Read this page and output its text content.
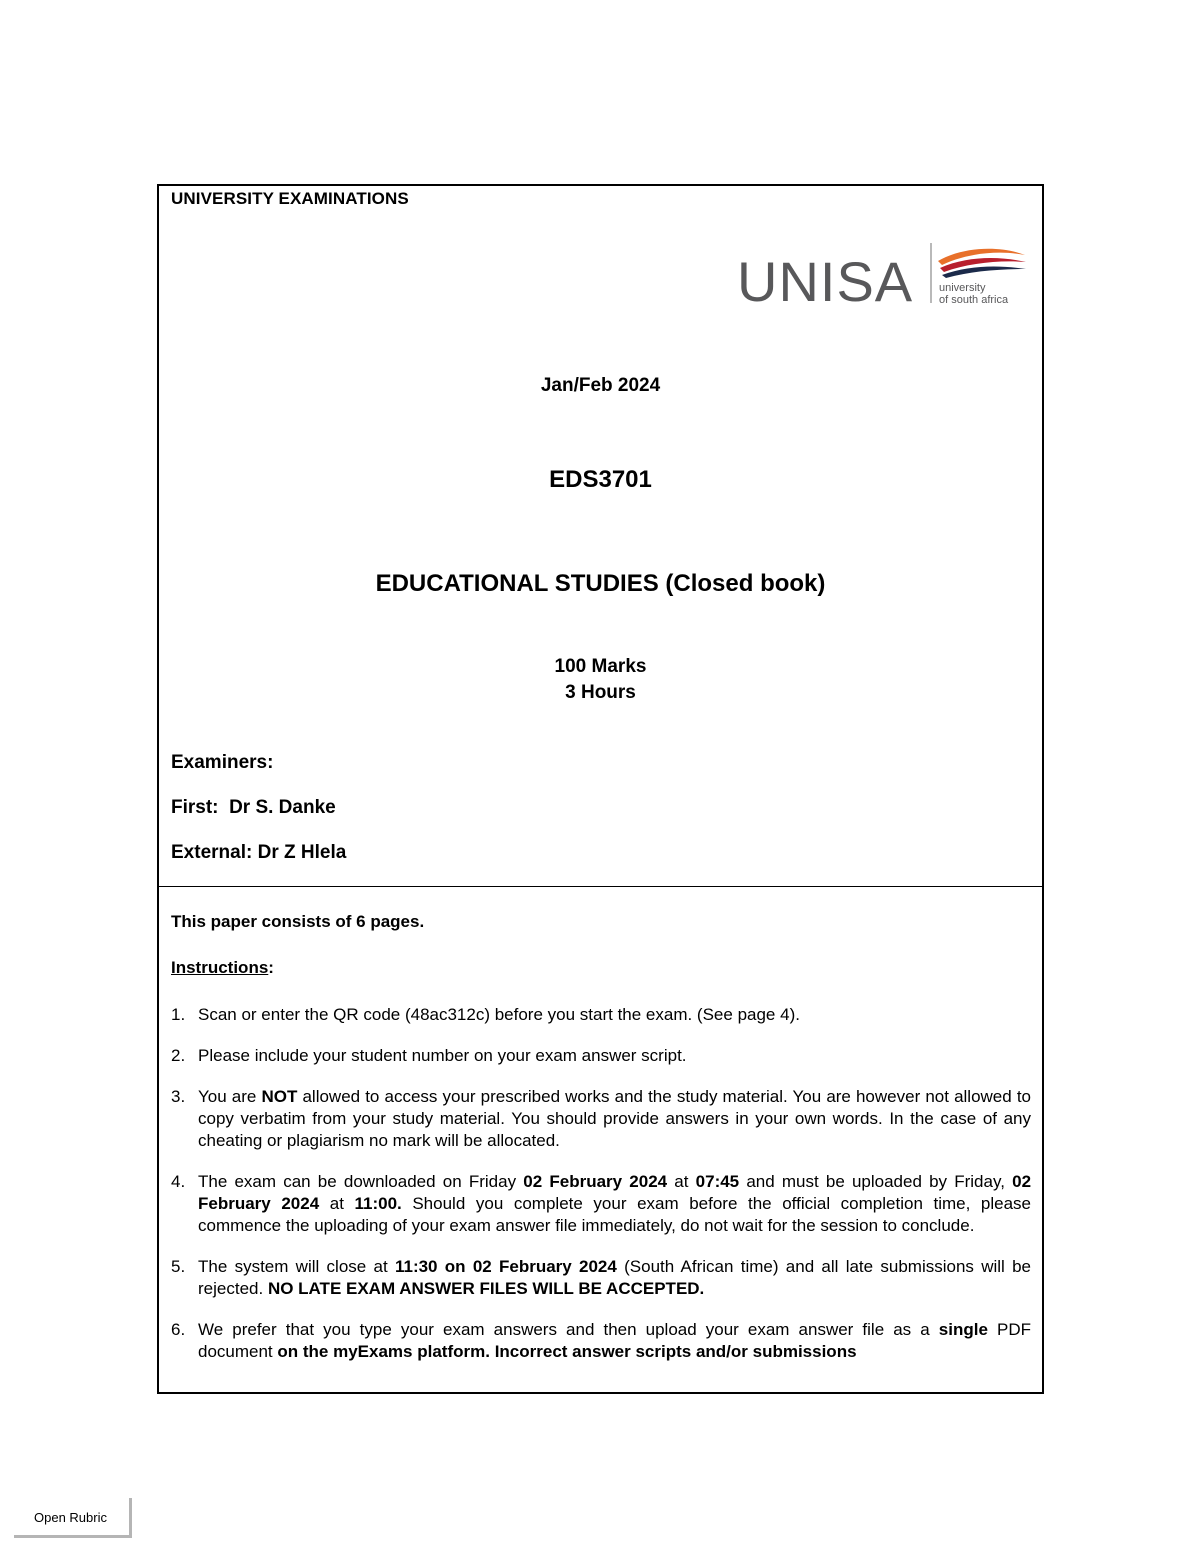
UNIVERSITY EXAMINATIONS
UNISA university
of south africa
Jan/Feb 2024
EDS3701
EDUCATIONAL STUDIES (Closed book)
100 Marks
3 Hours
Examiners:
First: Dr S. Danke
External: Dr Z Hlela

This paper consists of 6 pages.

Instructions:

1. Scan or enter the QR code (48ac312c) before you start the exam. (See page 4).
2. Please include your student number on your exam answer script.
3. You are NOT allowed to access your prescribed works and the study material. You are however not allowed to copy verbatim from your study material. You should provide answers in your own words. In the case of any cheating or plagiarism no mark will be allocated.
4. The exam can be downloaded on Friday 02 February 2024 at 07:45 and must be uploaded by Friday, 02 February 2024 at 11:00. Should you complete your exam before the official completion time, please commence the uploading of your exam answer file immediately, do not wait for the session to conclude.
5. The system will close at 11:30 on 02 February 2024 (South African time) and all late submissions will be rejected. NO LATE EXAM ANSWER FILES WILL BE ACCEPTED.
6. We prefer that you type your exam answers and then upload your exam answer file as a single PDF document on the myExams platform. Incorrect answer scripts and/or submissions
Open Rubric
